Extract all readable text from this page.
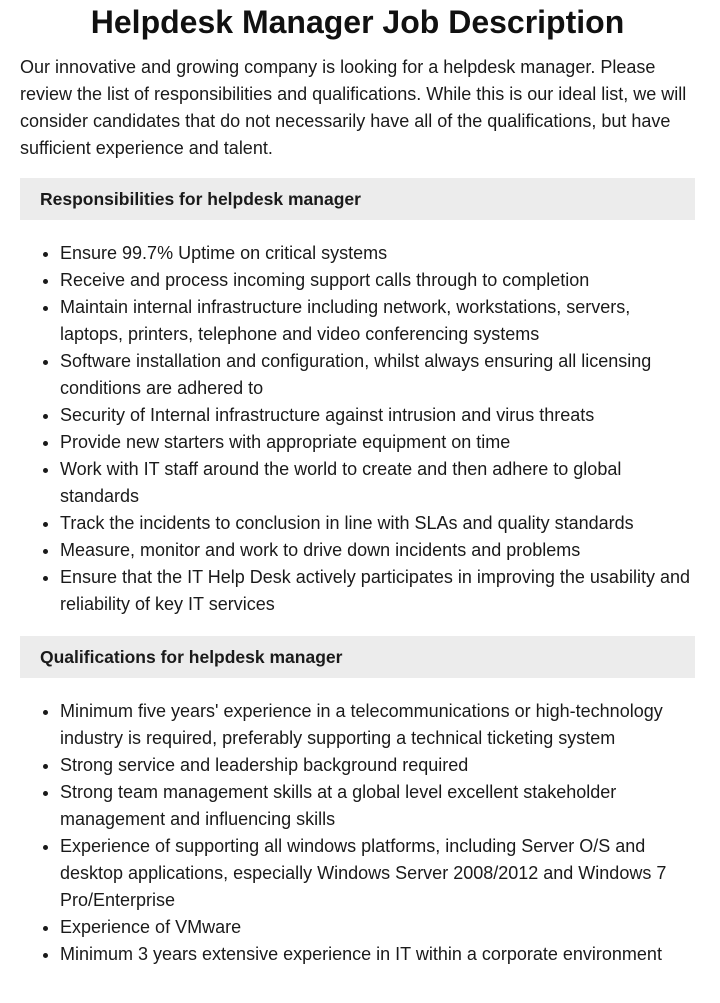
Helpdesk Manager Job Description

Our innovative and growing company is looking for a helpdesk manager. Please review the list of responsibilities and qualifications. While this is our ideal list, we will consider candidates that do not necessarily have all of the qualifications, but have sufficient experience and talent.

Responsibilities for helpdesk manager
• Ensure 99.7% Uptime on critical systems
• Receive and process incoming support calls through to completion
• Maintain internal infrastructure including network, workstations, servers, laptops, printers, telephone and video conferencing systems
• Software installation and configuration, whilst always ensuring all licensing conditions are adhered to
• Security of Internal infrastructure against intrusion and virus threats
• Provide new starters with appropriate equipment on time
• Work with IT staff around the world to create and then adhere to global standards
• Track the incidents to conclusion in line with SLAs and quality standards
• Measure, monitor and work to drive down incidents and problems
• Ensure that the IT Help Desk actively participates in improving the usability and reliability of key IT services
Qualifications for helpdesk manager
• Minimum five years' experience in a telecommunications or high-technology industry is required, preferably supporting a technical ticketing system
• Strong service and leadership background required
• Strong team management skills at a global level excellent stakeholder management and influencing skills
• Experience of supporting all windows platforms, including Server O/S and desktop applications, especially Windows Server 2008/2012 and Windows 7 Pro/Enterprise
• Experience of VMware
• Minimum 3 years extensive experience in IT within a corporate environment
